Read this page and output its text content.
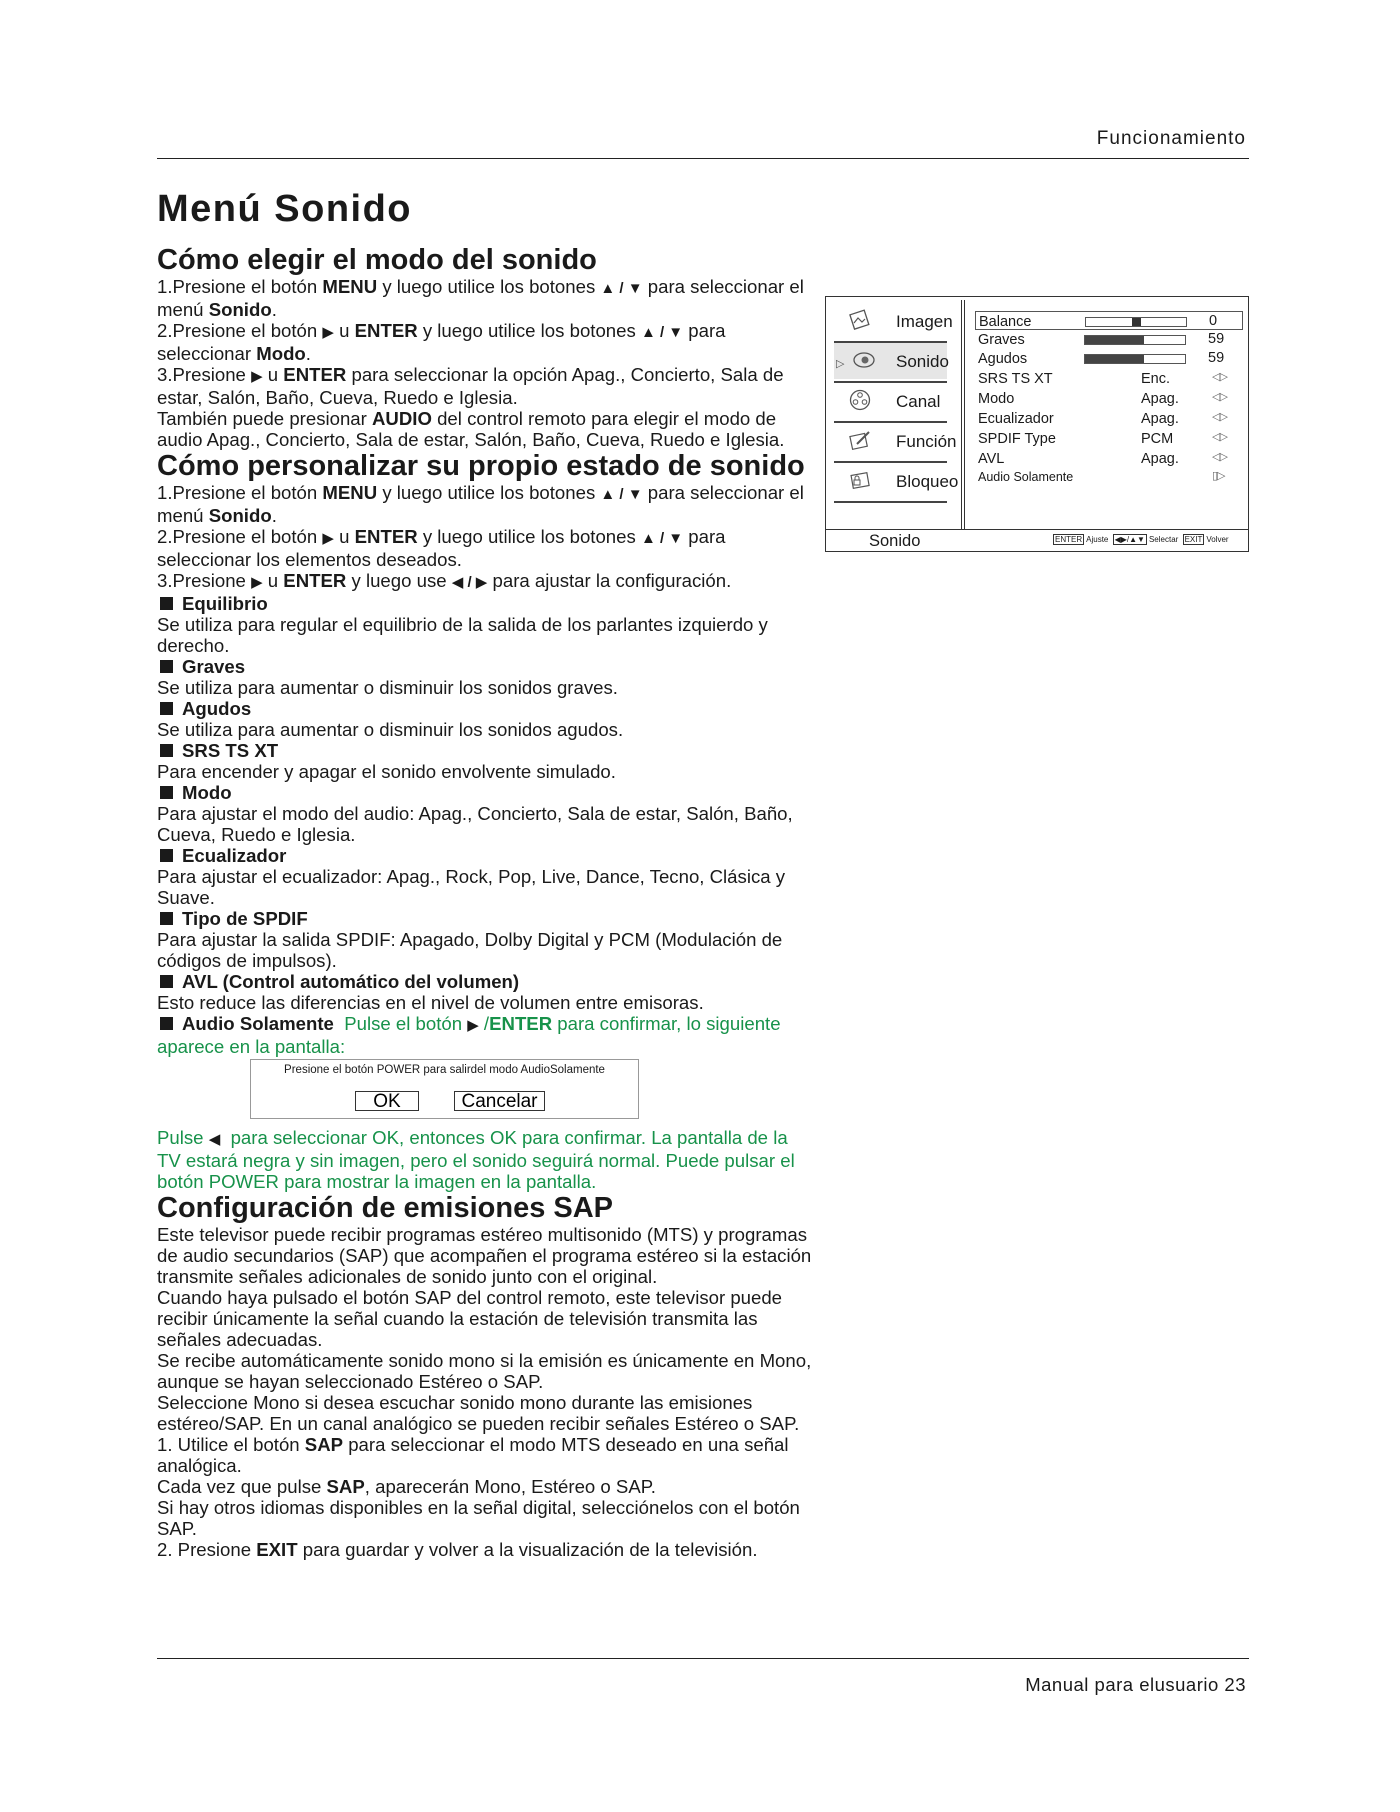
Funcionamiento
Menú Sonido
Cómo elegir el modo del sonido

1.Presione el botón MENU y luego utilice los botones ▲ / ▼ para seleccionar el menú Sonido.

2.Presione el botón ▶ u ENTER y luego utilice los botones ▲ / ▼ para seleccionar Modo.

3.Presione ▶ u ENTER para seleccionar la opción Apag., Concierto, Sala de estar, Salón, Baño, Cueva, Ruedo e Iglesia.

También puede presionar AUDIO del control remoto para elegir el modo de audio Apag., Concierto, Sala de estar, Salón, Baño, Cueva, Ruedo e Iglesia.

Cómo personalizar su propio estado de sonido

1.Presione el botón MENU y luego utilice los botones ▲ / ▼ para seleccionar el menú Sonido.

2.Presione el botón ▶ u ENTER y luego utilice los botones ▲ / ▼ para seleccionar los elementos deseados.

3.Presione ▶ u ENTER y luego use ◀ / ▶ para ajustar la configuración.

Equilibrio

Se utiliza para regular el equilibrio de la salida de los parlantes izquierdo y derecho.

Graves

Se utiliza para aumentar o disminuir los sonidos graves.

Agudos

Se utiliza para aumentar o disminuir los sonidos agudos.

SRS TS XT

Para encender y apagar el sonido envolvente simulado.

Modo

Para ajustar el modo del audio: Apag., Concierto, Sala de estar, Salón, Baño, Cueva, Ruedo e Iglesia.

Ecualizador

Para ajustar el ecualizador: Apag., Rock, Pop, Live, Dance, Tecno, Clásica y Suave.

Tipo de SPDIF

Para ajustar la salida SPDIF: Apagado, Dolby Digital y PCM (Modulación de códigos de impulsos).

AVL (Control automático del volumen)

Esto reduce las diferencias en el nivel de volumen entre emisoras.

Audio Solamente  Pulse el botón ▶ /ENTER para confirmar, lo siguiente aparece en la pantalla:

Presione el botón POWER para salirdel modo AudioSolamente
OK	Cancelar

Pulse ◀  para seleccionar OK, entonces OK para confirmar. La pantalla de la TV estará negra y sin imagen, pero el sonido seguirá normal. Puede pulsar el botón POWER para mostrar la imagen en la pantalla.

Configuración de emisiones SAP

Este televisor puede recibir programas estéreo multisonido (MTS) y programas de audio secundarios (SAP) que acompañen el programa estéreo si la estación transmite señales adicionales de sonido junto con el original.

Cuando haya pulsado el botón SAP del control remoto, este televisor puede recibir únicamente la señal cuando la estación de televisión transmita las señales adecuadas.

Se recibe automáticamente sonido mono si la emisión es únicamente en Mono, aunque se hayan seleccionado Estéreo o SAP.

Seleccione Mono si desea escuchar sonido mono durante las emisiones estéreo/SAP. En un canal analógico se pueden recibir señales Estéreo o SAP.

1. Utilice el botón SAP para seleccionar el modo MTS deseado en una señal analógica.

Cada vez que pulse SAP, aparecerán Mono, Estéreo o SAP.

Si hay otros idiomas disponibles en la señal digital, selecciónelos con el botón SAP.

2. Presione EXIT para guardar y volver a la visualización de la televisión.

Imagen
▷	Sonido
Canal
Función
Bloqueo
Balance	0
Graves	59
Agudos	59
SRS TS XT	Enc.	◁▷
Modo	Apag.	◁▷
Ecualizador	Apag.	◁▷
SPDIF Type	PCM	◁▷
AVL	Apag.	◁▷
Audio Solamente	▯▷
Sonido	ENTER Ajuste ◀▶/▲▼ Selectar EXIT Volver
Manual para elusuario 23
